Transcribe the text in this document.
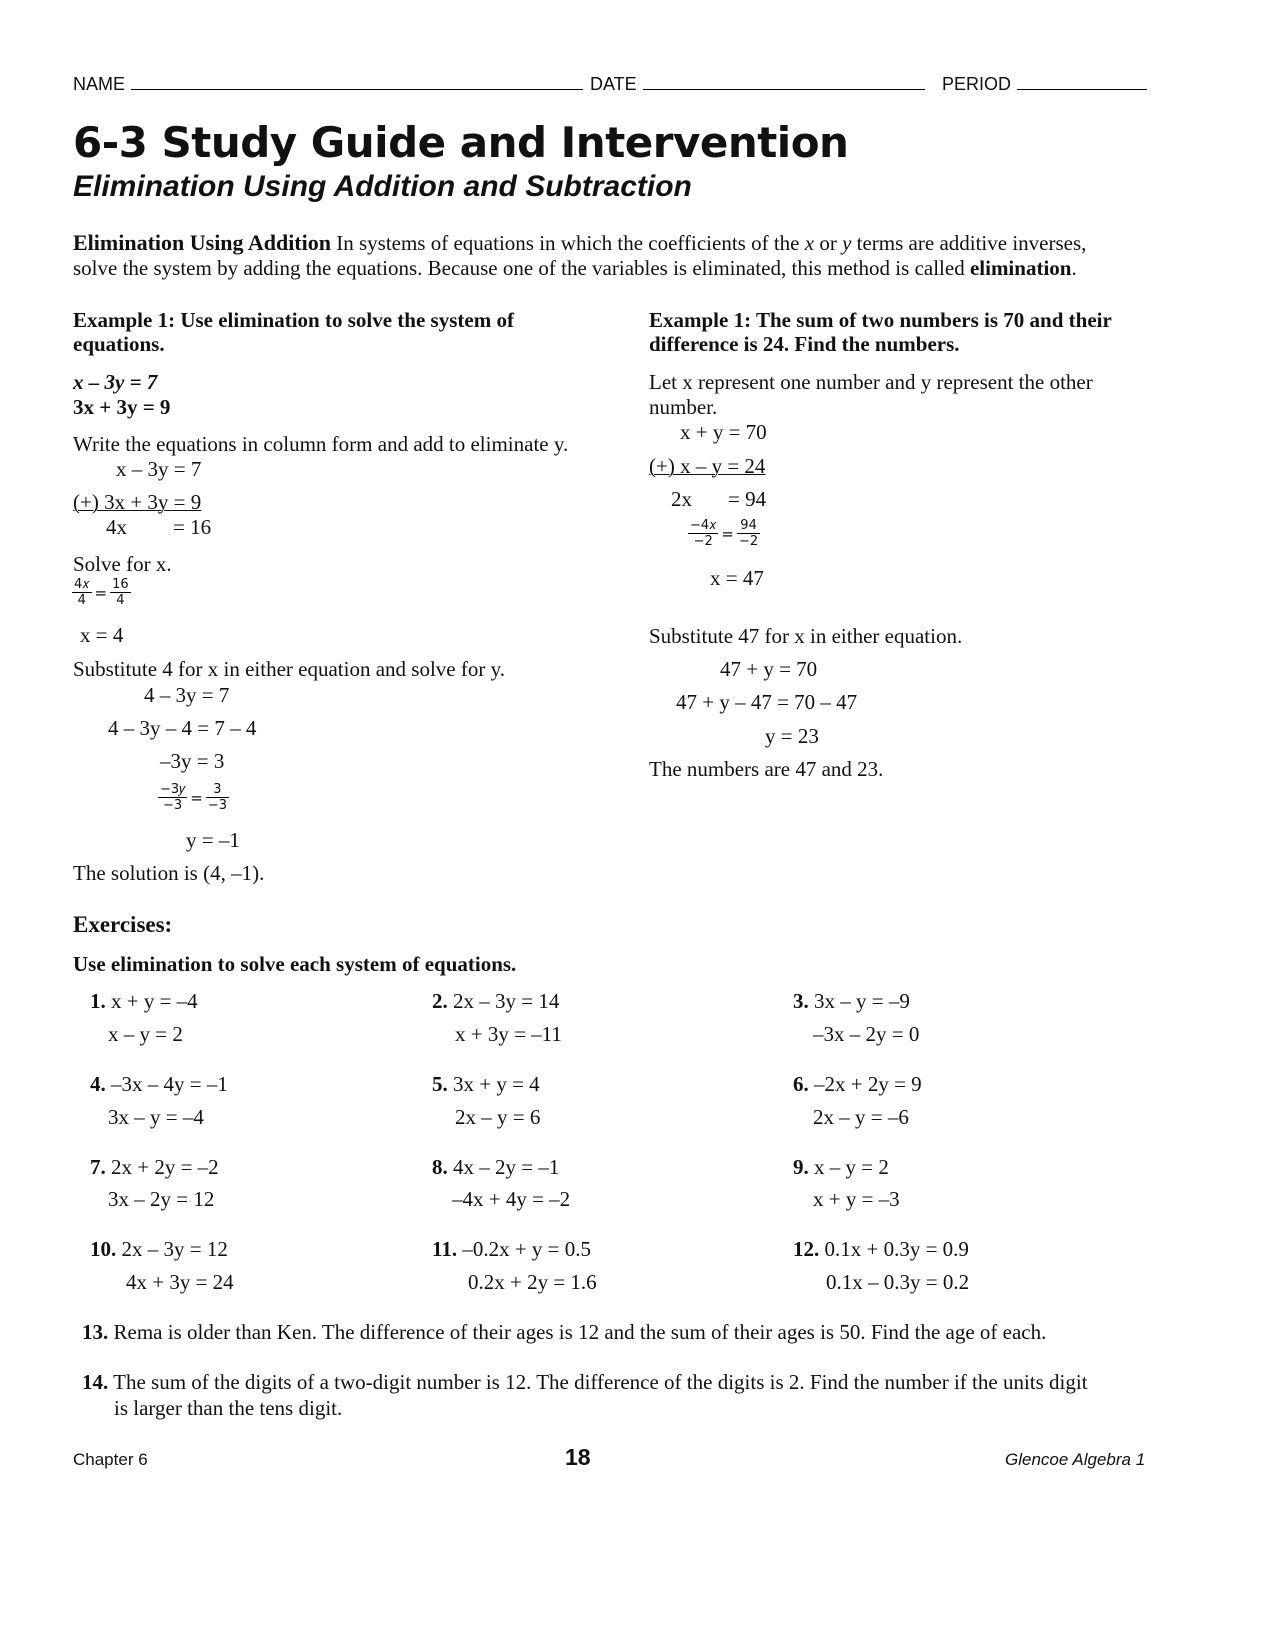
NAME	DATE	PERIOD
6-3 Study Guide and Intervention
Elimination Using Addition and Subtraction
Elimination Using Addition In systems of equations in which the coefficients of the x or y terms are additive inverses,
solve the system by adding the equations. Because one of the variables is eliminated, this method is called elimination.
Example 1: Use elimination to solve the system of
equations.
x – 3y = 7
3x + 3y = 9
Write the equations in column form and add to eliminate y.
x – 3y = 7
(+) 3x + 3y = 9
4x = 16
Solve for x.
$\frac{\text{4𝑥}}{4} = \frac{16}{4}$
x = 4
Substitute 4 for x in either equation and solve for y.
4 – 3y = 7
4 – 3y – 4 = 7 – 4
–3y = 3
$\frac{\text{−3𝑦}}{-3} = \frac{3}{-3}$
y = –1
The solution is (4, –1).
Example 1: The sum of two numbers is 70 and their
difference is 24. Find the numbers.
Let x represent one number and y represent the other
number.
x + y = 70
(+) x – y = 24
2x = 94
$\frac{\text{−4𝑥}}{-2} = \frac{94}{-2}$
x = 47
Substitute 47 for x in either equation.
47 + y = 70
47 + y – 47 = 70 – 47
y = 23
The numbers are 47 and 23.
Exercises:
Use elimination to solve each system of equations.
1. x + y = –4
x – y = 2
2. 2x – 3y = 14
x + 3y = –11
3. 3x – y = –9
–3x – 2y = 0
4. –3x – 4y = –1
3x – y = –4
5. 3x + y = 4
2x – y = 6
6. –2x + 2y = 9
2x – y = –6
7. 2x + 2y = –2
3x – 2y = 12
8. 4x – 2y = –1
–4x + 4y = –2
9. x – y = 2
x + y = –3
10. 2x – 3y = 12
4x + 3y = 24
11. –0.2x + y = 0.5
0.2x + 2y = 1.6
12. 0.1x + 0.3y = 0.9
0.1x – 0.3y = 0.2
13. Rema is older than Ken. The difference of their ages is 12 and the sum of their ages is 50. Find the age of each.
14. The sum of the digits of a two-digit number is 12. The difference of the digits is 2. Find the number if the units digit
is larger than the tens digit.
Chapter 6	18	Glencoe Algebra 1
